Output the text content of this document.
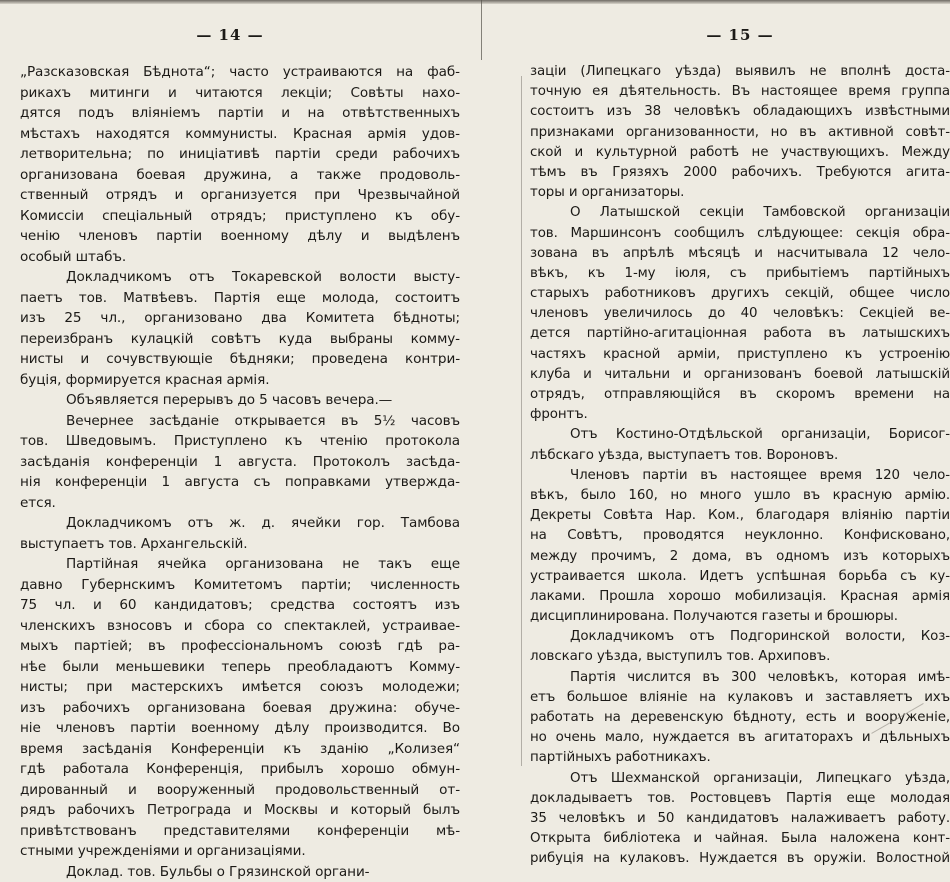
— 14 —
„Разсказовская Бѣднота“; часто устраиваются на фаб-
рикахъ митинги и читаются лекціи; Совѣты нахо-
дятся подъ вліяніемъ партіи и на отвѣтственныхъ
мѣстахъ находятся коммунисты. Красная армія удов-
летворительна; по иниціативѣ партіи среди рабочихъ
организована боевая дружина, а также продоволь-
ственный отрядъ и организуется при Чрезвычайной
Комиссіи спеціальный отрядъ; приступлено къ обу-
ченію членовъ партіи военному дѣлу и выдѣленъ
особый штабъ.
Докладчикомъ отъ Токаревской волости высту-
паетъ тов. Матвѣевъ. Партія еще молода, состоитъ
изъ 25 чл., организовано два Комитета бѣдноты;
переизбранъ кулацкій совѣтъ куда выбраны комму-
нисты и сочувствующіе бѣдняки; проведена контри-
буція, формируется красная армія.
Объявляется перерывъ до 5 часовъ вечера.—
Вечернее засѣданіе открывается въ 5½ часовъ
тов. Шведовымъ. Приступлено къ чтенію протокола
засѣданія конференціи 1 августа. Протоколъ засѣда-
нія конференціи 1 августа съ поправками утвержда-
ется.
Докладчикомъ отъ ж. д. ячейки гор. Тамбова
выступаетъ тов. Архангельскій.
Партійная ячейка организована не такъ еще
давно Губернскимъ Комитетомъ партіи; численность
75 чл. и 60 кандидатовъ; средства состоятъ изъ
членскихъ взносовъ и сбора со спектаклей, устраивае-
мыхъ партіей; въ профессіональномъ союзѣ гдѣ ра-
нѣе были меньшевики теперь преобладаютъ Комму-
нисты; при мастерскихъ имѣется союзъ молодежи;
изъ рабочихъ организована боевая дружина: обуче-
ніе членовъ партіи военному дѣлу производится. Во
время засѣданія Конференціи къ зданію „Колизея“
гдѣ работала Конференція, прибылъ хорошо обмун-
дированный и вооруженный продовольственный от-
рядъ рабочихъ Петрограда и Москвы и который былъ
привѣтствованъ представителями конференціи мѣ-
стными учрежденіями и организаціями.
Доклад. тов. Бульбы о Грязинской органи-
— 15 —
заціи (Липецкаго уѣзда) выявилъ не вполнѣ доста-
точную ея дѣятельность. Въ настоящее время группа
состоитъ изъ 38 человѣкъ обладающихъ извѣстными
признаками организованности, но въ активной совѣт-
ской и культурной работѣ не участвующихъ. Между
тѣмъ въ Грязяхъ 2000 рабочихъ. Требуются агита-
торы и организаторы.
О Латышской секціи Тамбовской организаціи
тов. Маршинсонъ сообщилъ слѣдующее: секція обра-
зована въ апрѣлѣ мѣсяцѣ и насчитывала 12 чело-
вѣкъ, къ 1-му іюля, съ прибытіемъ партійныхъ
старыхъ работниковъ другихъ секцій, общее число
членовъ увеличилось до 40 человѣкъ: Секціей ве-
дется партійно-агитаціонная работа въ латышскихъ
частяхъ красной арміи, приступлено къ устроенію
клуба и читальни и организованъ боевой латышскій
отрядъ, отправляющійся въ скоромъ времени на
фронтъ.
Отъ Костино-Отдѣльской организаціи, Борисог-
лѣбскаго уѣзда, выступаетъ тов. Вороновъ.
Членовъ партіи въ настоящее время 120 чело-
вѣкъ, было 160, но много ушло въ красную армію.
Декреты Совѣта Нар. Ком., благодаря вліянію партіи
на Совѣтъ, проводятся неуклонно. Конфисковано,
между прочимъ, 2 дома, въ одномъ изъ которыхъ
устраивается школа. Идетъ успѣшная борьба съ ку-
лаками. Прошла хорошо мобилизація. Красная армія
дисциплинирована. Получаются газеты и брошюры.
Докладчикомъ отъ Подгоринской волости, Коз-
ловскаго уѣзда, выступилъ тов. Архиповъ.
Партія числится въ 300 человѣкъ, которая имѣ-
етъ большое вліяніе на кулаковъ и заставляетъ ихъ
работать на деревенскую бѣдноту, есть и вооруженіе,
но очень мало, нуждается въ агитаторахъ и дѣльныхъ
партійныхъ работникахъ.
Отъ Шехманской организаціи, Липецкаго уѣзда,
докладываетъ тов. Ростовцевъ Партія еще молодая
35 человѣкъ и 50 кандидатовъ налаживаетъ работу.
Открыта библіотека и чайная. Была наложена конт-
рибуція на кулаковъ. Нуждается въ оружіи. Волостной
